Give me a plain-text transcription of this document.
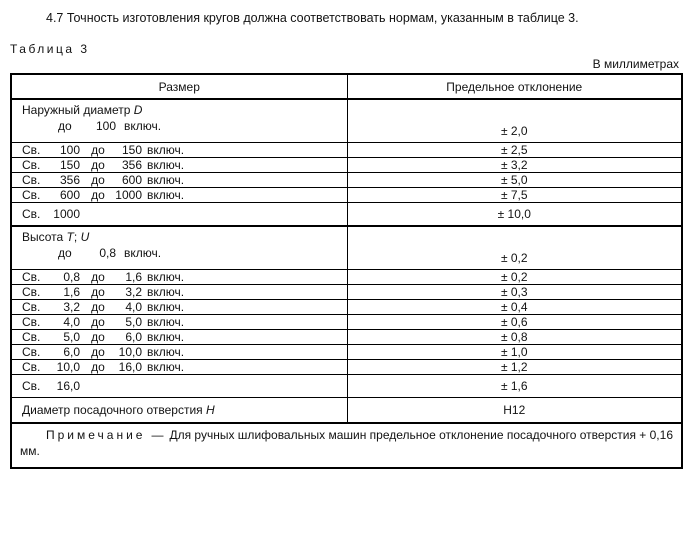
4.7 Точность изготовления кругов должна соответствовать нормам, указанным в таблице 3.

Таблица 3
В миллиметрах
Размер	Предельное отклонение

Наружный диаметр D
до 100 включ.	± 2,0
Св. 100 до 150 включ.	± 2,5
Св. 150 до 356 включ.	± 3,2
Св. 356 до 600 включ.	± 5,0
Св. 600 до 1000 включ.	± 7,5
Св. 1000	± 10,0

Высота T; U
до 0,8 включ.	± 0,2
Св. 0,8 до 1,6 включ.	± 0,2
Св. 1,6 до 3,2 включ.	± 0,3
Св. 3,2 до 4,0 включ.	± 0,4
Св. 4,0 до 5,0 включ.	± 0,6
Св. 5,0 до 6,0 включ.	± 0,8
Св. 6,0 до 10,0 включ.	± 1,0
Св. 10,0 до 16,0 включ.	± 1,2
Св. 16,0	± 1,6

Диаметр посадочного отверстия H	H12

Примечание — Для ручных шлифовальных машин предельное отклонение посадочного отверстия + 0,16 мм.	
